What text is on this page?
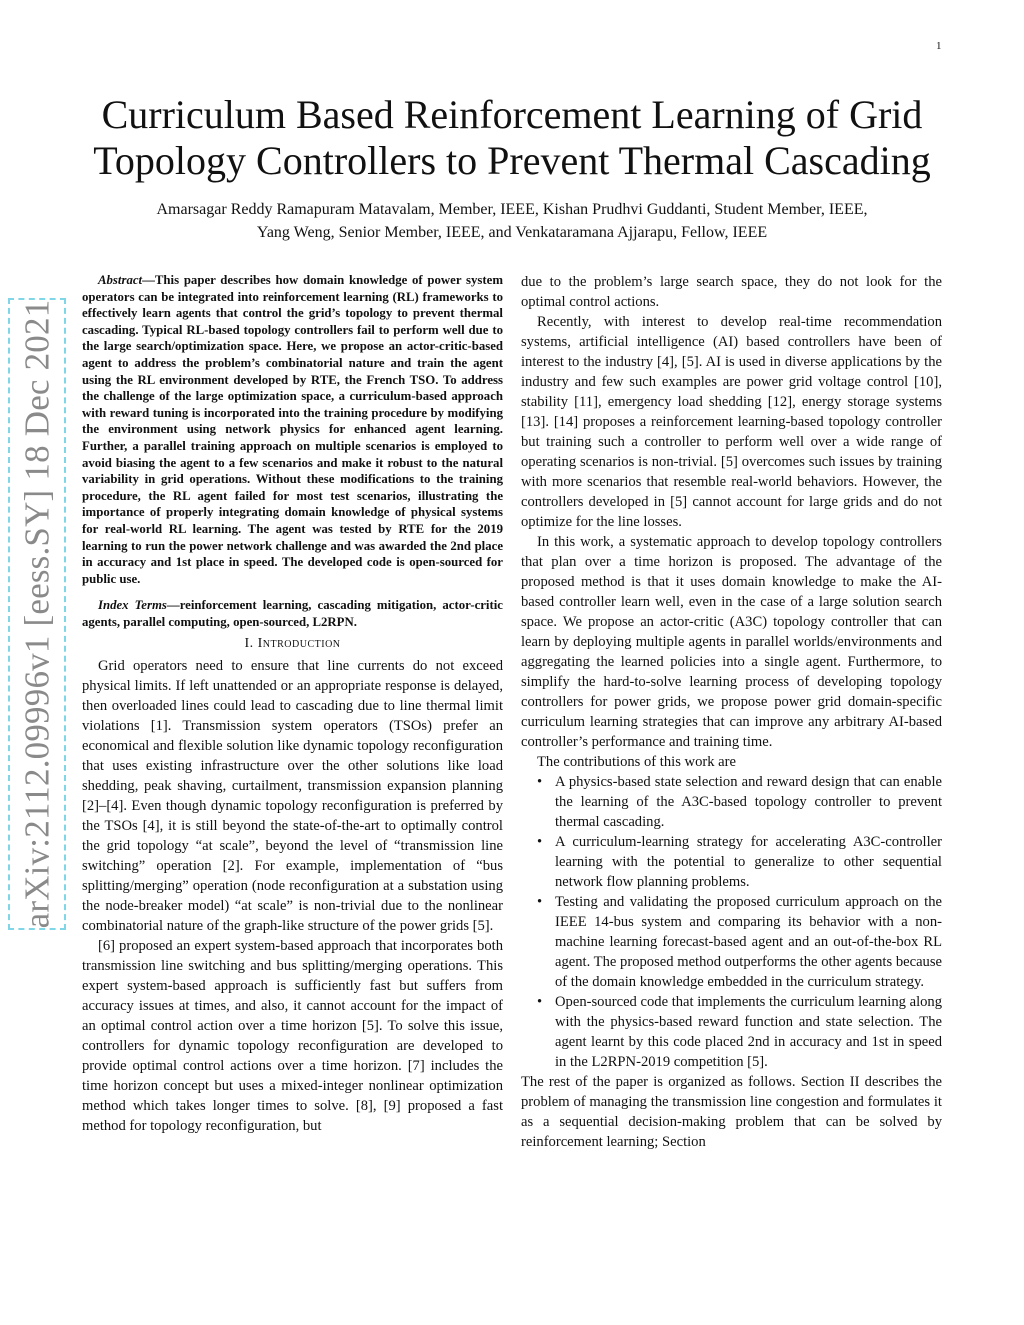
1
arXiv:2112.09996v1 [eess.SY] 18 Dec 2021
Curriculum Based Reinforcement Learning of Grid Topology Controllers to Prevent Thermal Cascading
Amarsagar Reddy Ramapuram Matavalam, Member, IEEE, Kishan Prudhvi Guddanti, Student Member, IEEE,
Yang Weng, Senior Member, IEEE, and Venkataramana Ajjarapu, Fellow, IEEE

Abstract—This paper describes how domain knowledge of power system operators can be integrated into reinforcement learning (RL) frameworks to effectively learn agents that control the grid’s topology to prevent thermal cascading. Typical RL-based topology controllers fail to perform well due to the large search/optimization space. Here, we propose an actor-critic-based agent to address the problem’s combinatorial nature and train the agent using the RL environment developed by RTE, the French TSO. To address the challenge of the large optimization space, a curriculum-based approach with reward tuning is incorporated into the training procedure by modifying the environment using network physics for enhanced agent learning. Further, a parallel training approach on multiple scenarios is employed to avoid biasing the agent to a few scenarios and make it robust to the natural variability in grid operations. Without these modifications to the training procedure, the RL agent failed for most test scenarios, illustrating the importance of properly integrating domain knowledge of physical systems for real-world RL learning. The agent was tested by RTE for the 2019 learning to run the power network challenge and was awarded the 2nd place in accuracy and 1st place in speed. The developed code is open-sourced for public use.

Index Terms—reinforcement learning, cascading mitigation, actor-critic agents, parallel computing, open-sourced, L2RPN.

I. Introduction

Grid operators need to ensure that line currents do not exceed physical limits. If left unattended or an appropriate response is delayed, then overloaded lines could lead to cascading due to line thermal limit violations [1]. Transmission system operators (TSOs) prefer an economical and flexible solution like dynamic topology reconfiguration that uses existing infrastructure over the other solutions like load shedding, peak shaving, curtailment, transmission expansion planning [2]–[4]. Even though dynamic topology reconfiguration is preferred by the TSOs [4], it is still beyond the state-of-the-art to optimally control the grid topology “at scale”, beyond the level of “transmission line switching” operation [2]. For example, implementation of “bus splitting/merging” operation (node reconfiguration at a substation using the node-breaker model) “at scale” is non-trivial due to the nonlinear combinatorial nature of the graph-like structure of the power grids [5].

[6] proposed an expert system-based approach that incorporates both transmission line switching and bus splitting/merging operations. This expert system-based approach is sufficiently fast but suffers from accuracy issues at times, and also, it cannot account for the impact of an optimal control action over a time horizon [5]. To solve this issue, controllers for dynamic topology reconfiguration are developed to provide optimal control actions over a time horizon. [7] includes the time horizon concept but uses a mixed-integer nonlinear optimization method which takes longer times to solve. [8], [9] proposed a fast method for topology reconfiguration, but

due to the problem’s large search space, they do not look for the optimal control actions.

Recently, with interest to develop real-time recommendation systems, artificial intelligence (AI) based controllers have been of interest to the industry [4], [5]. AI is used in diverse applications by the industry and few such examples are power grid voltage control [10], stability [11], emergency load shedding [12], energy storage systems [13]. [14] proposes a reinforcement learning-based topology controller but training such a controller to perform well over a wide range of operating scenarios is non-trivial. [5] overcomes such issues by training with more scenarios that resemble real-world behaviors. However, the controllers developed in [5] cannot account for large grids and do not optimize for the line losses.

In this work, a systematic approach to develop topology controllers that plan over a time horizon is proposed. The advantage of the proposed method is that it uses domain knowledge to make the AI-based controller learn well, even in the case of a large solution search space. We propose an actor-critic (A3C) topology controller that can learn by deploying multiple agents in parallel worlds/environments and aggregating the learned policies into a single agent. Furthermore, to simplify the hard-to-solve learning process of developing topology controllers for power grids, we propose power grid domain-specific curriculum learning strategies that can improve any arbitrary AI-based controller’s performance and training time.

The contributions of this work are

• A physics-based state selection and reward design that can enable the learning of the A3C-based topology controller to prevent thermal cascading.
• A curriculum-learning strategy for accelerating A3C-controller learning with the potential to generalize to other sequential network flow planning problems.
• Testing and validating the proposed curriculum approach on the IEEE 14-bus system and comparing its behavior with a non-machine learning forecast-based agent and an out-of-the-box RL agent. The proposed method outperforms the other agents because of the domain knowledge embedded in the curriculum strategy.
• Open-sourced code that implements the curriculum learning along with the physics-based reward function and state selection. The agent learnt by this code placed 2nd in accuracy and 1st in speed in the L2RPN-2019 competition [5].

The rest of the paper is organized as follows. Section II describes the problem of managing the transmission line congestion and formulates it as a sequential decision-making problem that can be solved by reinforcement learning; Section
